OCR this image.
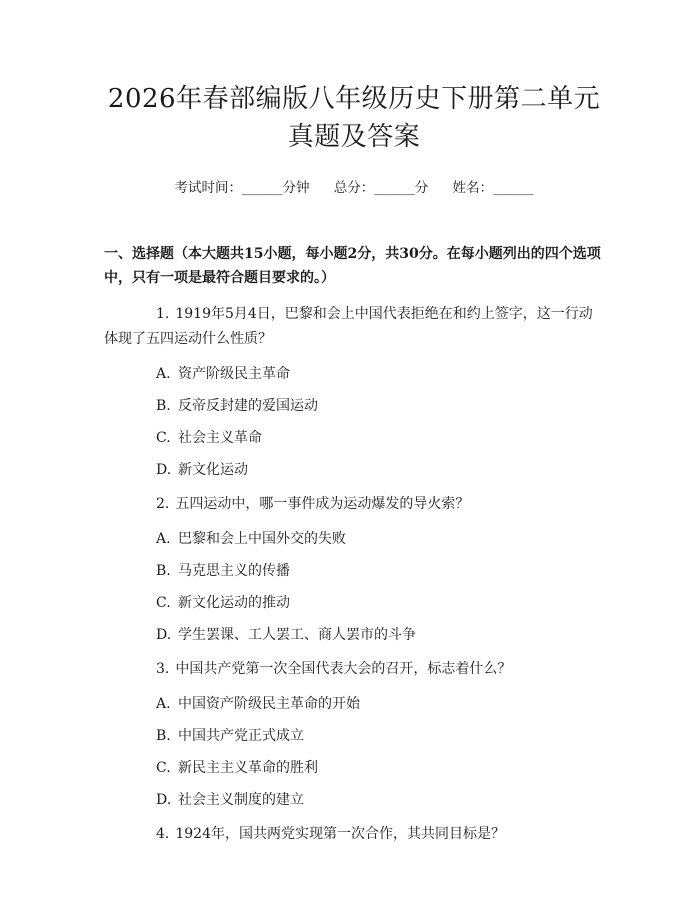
2026年春部编版八年级历史下册第二单元真题及答案
考试时间：______分钟 总分：______分 姓名：______
一、选择题（本大题共15小题，每小题2分，共30分。在每小题列出的四个选项中，只有一项是最符合题目要求的。）
1. 1919年5月4日，巴黎和会上中国代表拒绝在和约上签字，这一行动体现了五四运动什么性质？
A. 资产阶级民主革命
B. 反帝反封建的爱国运动
C. 社会主义革命
D. 新文化运动
2. 五四运动中，哪一事件成为运动爆发的导火索？
A. 巴黎和会上中国外交的失败
B. 马克思主义的传播
C. 新文化运动的推动
D. 学生罢课、工人罢工、商人罢市的斗争
3. 中国共产党第一次全国代表大会的召开，标志着什么？
A. 中国资产阶级民主革命的开始
B. 中国共产党正式成立
C. 新民主主义革命的胜利
D. 社会主义制度的建立
4. 1924年，国共两党实现第一次合作，其共同目标是？
